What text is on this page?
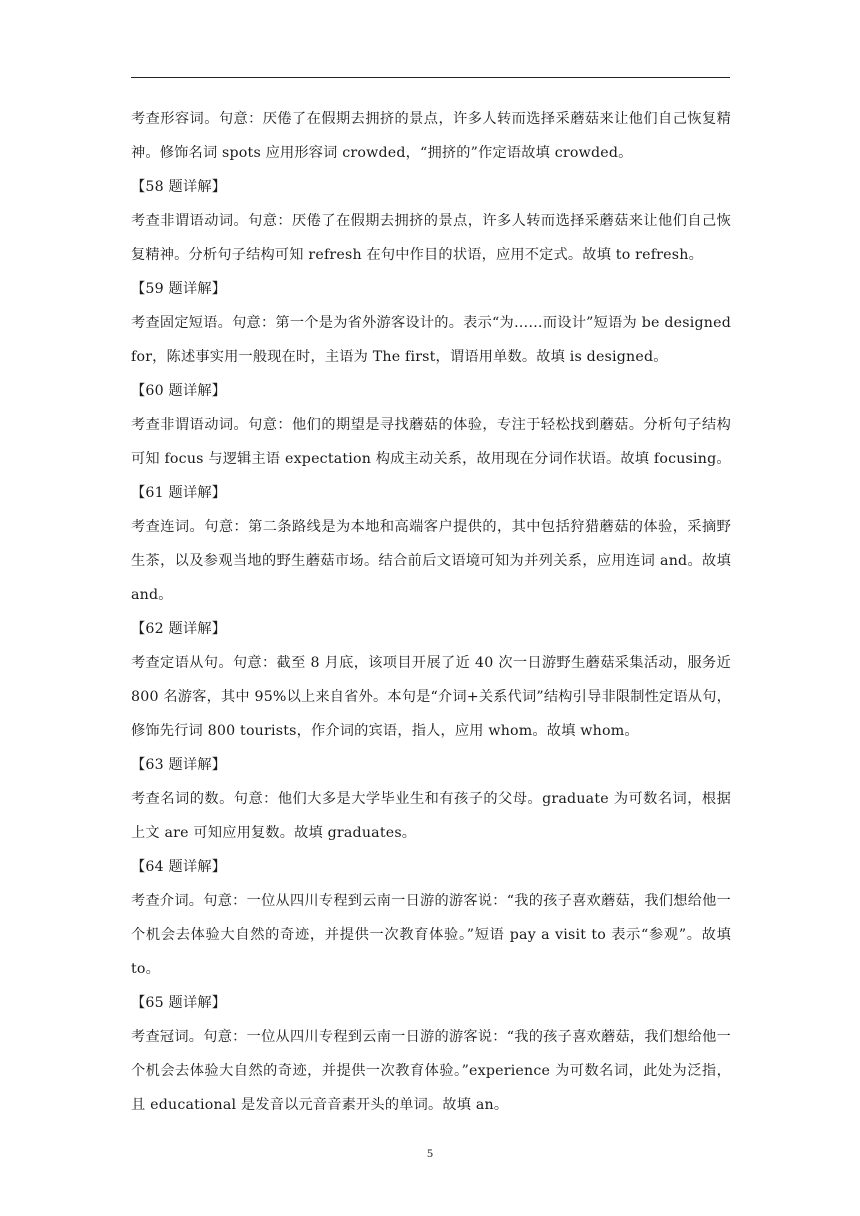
考查形容词。句意：厌倦了在假期去拥挤的景点，许多人转而选择采蘑菇来让他们自己恢复精神。修饰名词 spots 应用形容词 crowded，“拥挤的”作定语故填 crowded。

【58 题详解】

考查非谓语动词。句意：厌倦了在假期去拥挤的景点，许多人转而选择采蘑菇来让他们自己恢复精神。分析句子结构可知 refresh 在句中作目的状语，应用不定式。故填 to refresh。

【59 题详解】

考查固定短语。句意：第一个是为省外游客设计的。表示“为……而设计”短语为 be designed for，陈述事实用一般现在时，主语为 The first，谓语用单数。故填 is designed。

【60 题详解】

考查非谓语动词。句意：他们的期望是寻找蘑菇的体验，专注于轻松找到蘑菇。分析句子结构可知 focus 与逻辑主语 expectation 构成主动关系，故用现在分词作状语。故填 focusing。

【61 题详解】

考查连词。句意：第二条路线是为本地和高端客户提供的，其中包括狩猎蘑菇的体验，采摘野生茶，以及参观当地的野生蘑菇市场。结合前后文语境可知为并列关系，应用连词 and。故填 and。

【62 题详解】

考查定语从句。句意：截至 8 月底，该项目开展了近 40 次一日游野生蘑菇采集活动，服务近 800 名游客，其中 95%以上来自省外。本句是“介词+关系代词”结构引导非限制性定语从句，修饰先行词 800 tourists，作介词的宾语，指人，应用 whom。故填 whom。

【63 题详解】

考查名词的数。句意：他们大多是大学毕业生和有孩子的父母。graduate 为可数名词，根据上文 are 可知应用复数。故填 graduates。

【64 题详解】

考查介词。句意：一位从四川专程到云南一日游的游客说：“我的孩子喜欢蘑菇，我们想给他一个机会去体验大自然的奇迹，并提供一次教育体验。”短语 pay a visit to 表示“参观”。故填 to。

【65 题详解】

考查冠词。句意：一位从四川专程到云南一日游的游客说：“我的孩子喜欢蘑菇，我们想给他一个机会去体验大自然的奇迹，并提供一次教育体验。”experience 为可数名词，此处为泛指，且 educational 是发音以元音音素开头的单词。故填 an。

5
